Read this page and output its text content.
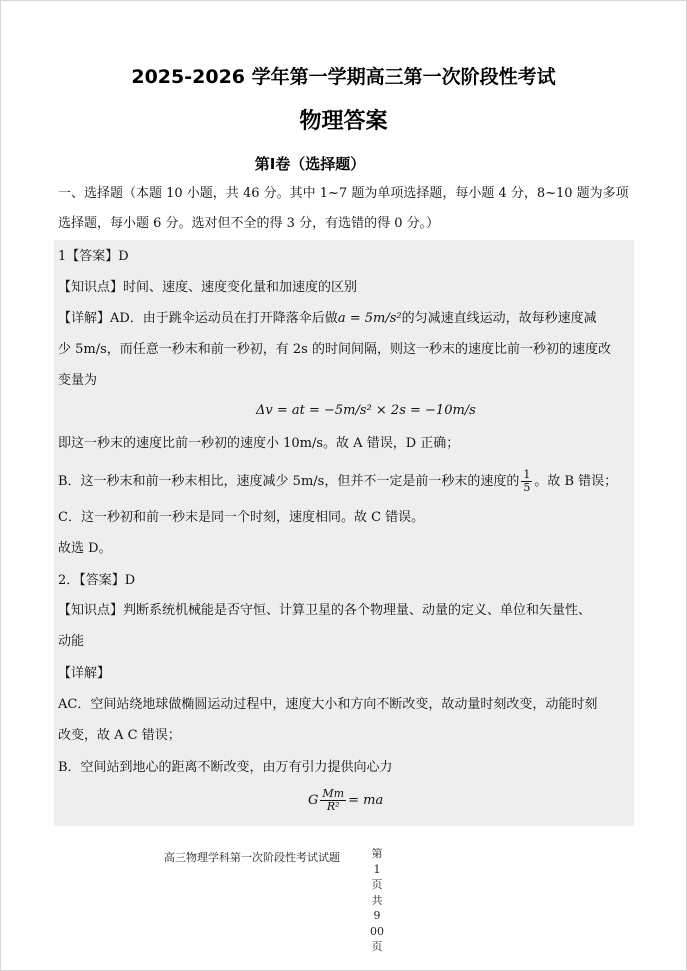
2025-2026 学年第一学期高三第一次阶段性考试
物理答案
第Ⅰ卷（选择题）
一、选择题（本题 10 小题，共 46 分。其中 1~7 题为单项选择题，每小题 4 分，8~10 题为多项
选择题，每小题 6 分。选对但不全的得 3 分，有选错的得 0 分。）
1【答案】D
【知识点】时间、速度、速度变化量和加速度的区别
【详解】AD．由于跳伞运动员在打开降落伞后做a = 5m/s²的匀减速直线运动，故每秒速度减
少 5m/s，而任意一秒末和前一秒初，有 2s 的时间间隔，则这一秒末的速度比前一秒初的速度改
变量为
Δv = at = −5m/s² × 2s = −10m/s
即这一秒末的速度比前一秒初的速度小 10m/s。故 A 错误，D 正确；
B．这一秒末和前一秒末相比，速度减少 5m/s，但并不一定是前一秒末的速度的 $\frac{1}{5}$ 。故 B 错误；
C．这一秒初和前一秒末是同一个时刻，速度相同。故 C 错误。
故选 D。
2．【答案】D
【知识点】判断系统机械能是否守恒、计算卫星的各个物理量、动量的定义、单位和矢量性、
动能
【详解】
AC．空间站绕地球做椭圆运动过程中，速度大小和方向不断改变，故动量时刻改变，动能时刻
改变，故 A C 错误；
B．空间站到地心的距离不断改变，由万有引力提供向心力
G $\frac{Mm}{\text{R²}}$ = ma
高三物理学科第一次阶段性考试试题	第
1
页
共
9
00
页
